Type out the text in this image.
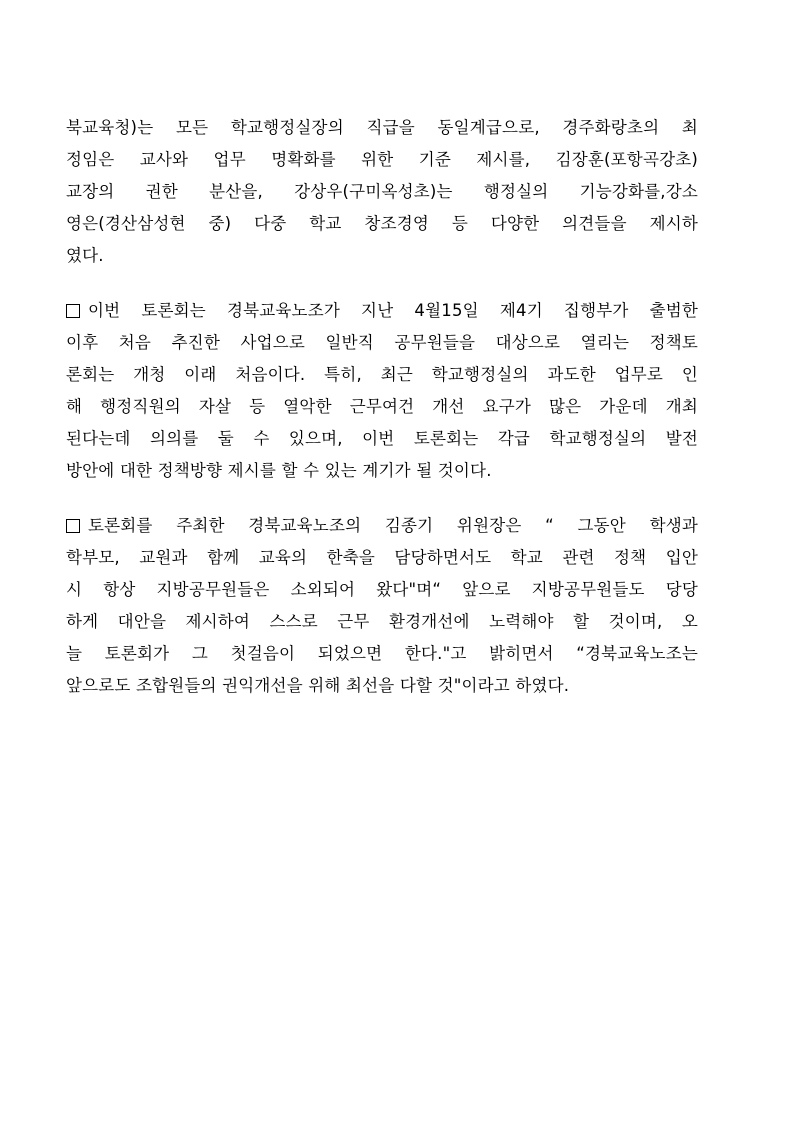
북교육청)는 모든 학교행정실장의 직급을 동일계급으로, 경주화랑초의 최
정임은 교사와 업무 명확화를 위한 기준 제시를, 김장훈(포항곡강초)
교장의 권한 분산을, 강상우(구미옥성초)는 행정실의 기능강화를,강소
영은(경산삼성현 중) 다중 학교 창조경영 등 다양한 의견들을 제시하
였다.
이번 토론회는 경북교육노조가 지난 4월15일 제4기 집행부가 출범한
이후 처음 추진한 사업으로 일반직 공무원들을 대상으로 열리는 정책토
론회는 개청 이래 처음이다. 특히, 최근 학교행정실의 과도한 업무로 인
해 행정직원의 자살 등 열악한 근무여건 개선 요구가 많은 가운데 개최
된다는데 의의를 둘 수 있으며, 이번 토론회는 각급 학교행정실의 발전
방안에 대한 정책방향 제시를 할 수 있는 계기가 될 것이다.
토론회를 주최한 경북교육노조의 김종기 위원장은 “ 그동안 학생과
학부모, 교원과 함께 교육의 한축을 담당하면서도 학교 관련 정책 입안
시 항상 지방공무원들은 소외되어 왔다"며“ 앞으로 지방공무원들도 당당
하게 대안을 제시하여 스스로 근무 환경개선에 노력해야 할 것이며, 오
늘 토론회가 그 첫걸음이 되었으면 한다."고 밝히면서 “경북교육노조는
앞으로도 조합원들의 권익개선을 위해 최선을 다할 것"이라고 하였다.
